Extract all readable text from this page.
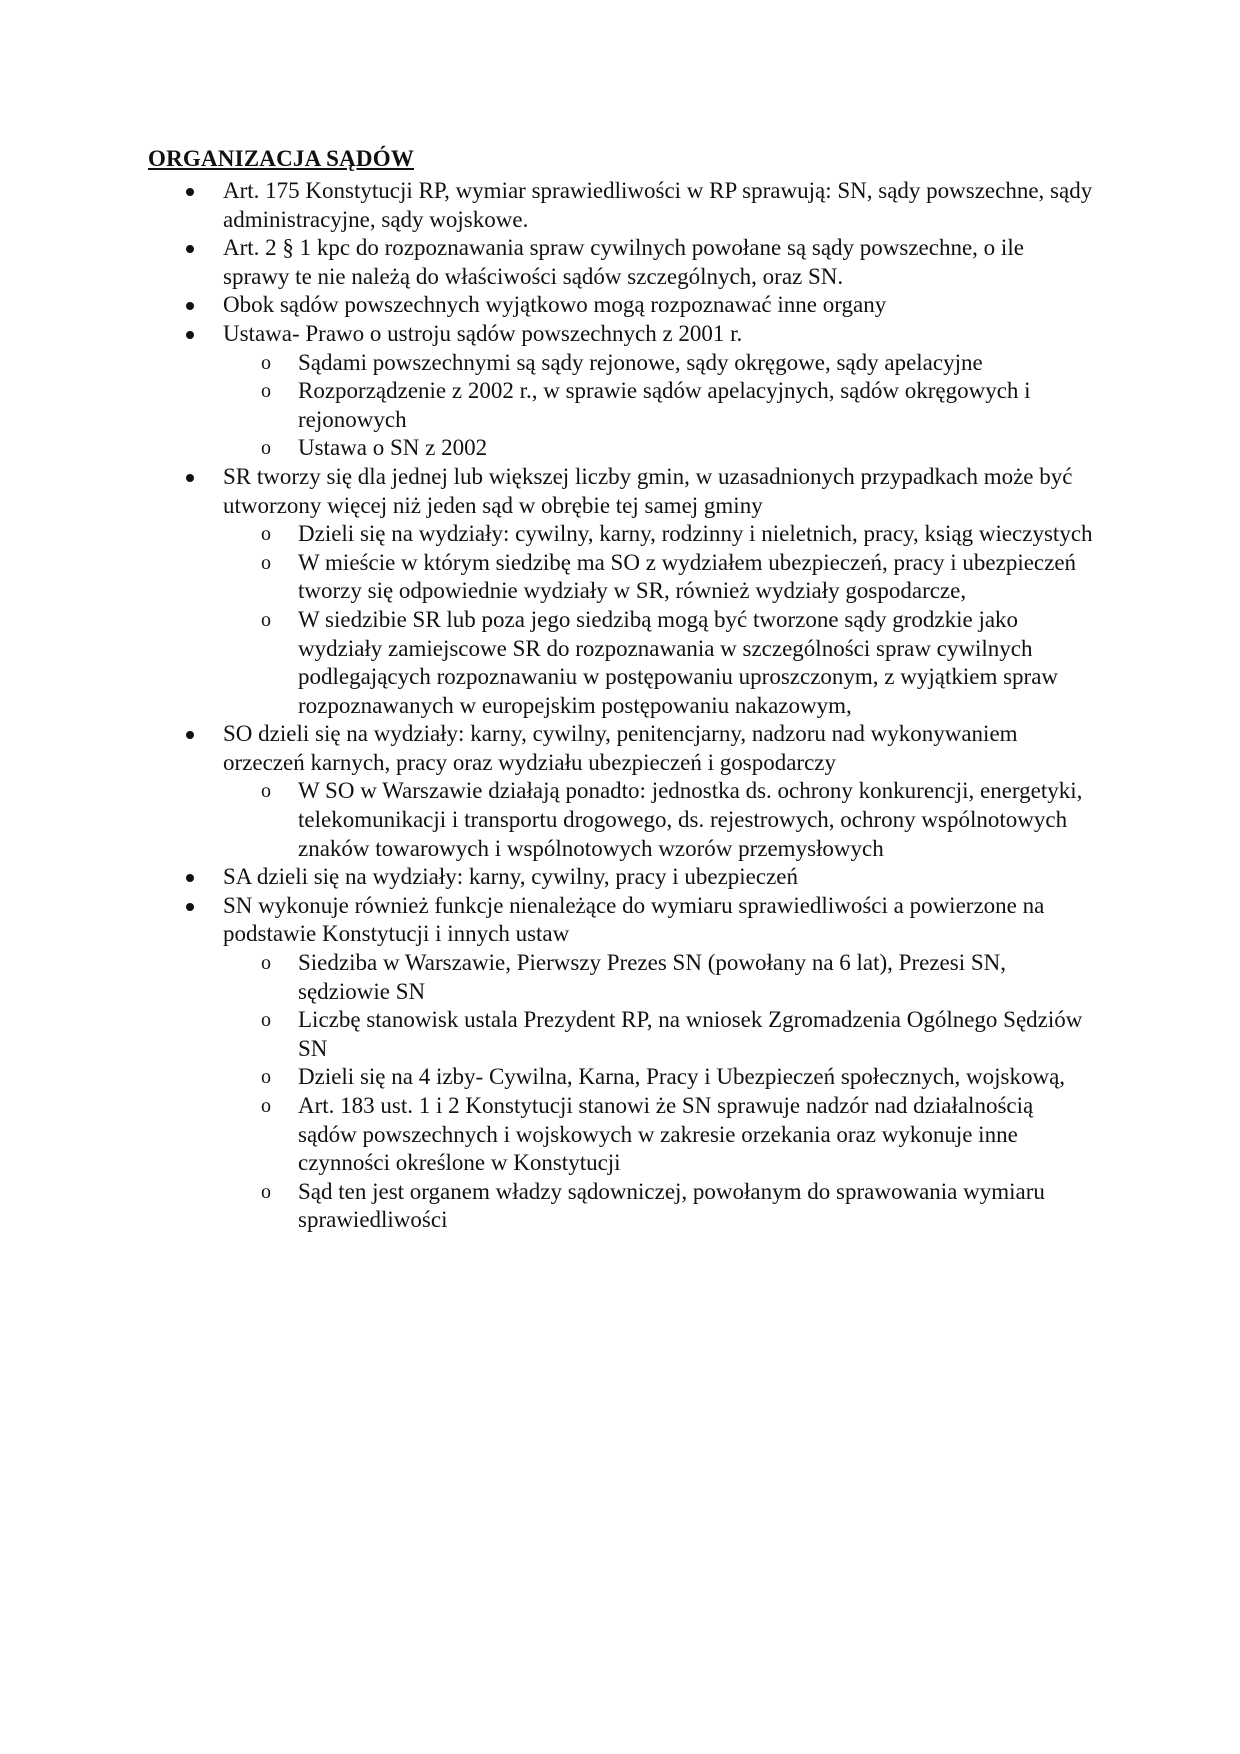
ORGANIZACJA SĄDÓW
Art. 175 Konstytucji RP, wymiar sprawiedliwości w RP sprawują: SN, sądy powszechne, sądy administracyjne, sądy wojskowe.
Art. 2 § 1 kpc do rozpoznawania spraw cywilnych powołane są sądy powszechne, o ile sprawy te nie należą do właściwości sądów szczególnych, oraz SN.
Obok sądów powszechnych wyjątkowo mogą rozpoznawać inne organy
Ustawa- Prawo o ustroju sądów powszechnych z 2001 r.
o Sądami powszechnymi są sądy rejonowe, sądy okręgowe, sądy apelacyjne
o Rozporządzenie z 2002 r., w sprawie sądów apelacyjnych, sądów okręgowych i rejonowych
o Ustawa o SN z 2002
SR tworzy się dla jednej lub większej liczby gmin, w uzasadnionych przypadkach może być utworzony więcej niż jeden sąd w obrębie tej samej gminy
o Dzieli się na wydziały: cywilny, karny, rodzinny i nieletnich, pracy, ksiąg wieczystych
o W mieście w którym siedzibę ma SO z wydziałem ubezpieczeń, pracy i ubezpieczeń tworzy się odpowiednie wydziały w SR, również wydziały gospodarcze,
o W siedzibie SR lub poza jego siedzibą mogą być tworzone sądy grodzkie jako wydziały zamiejscowe SR do rozpoznawania w szczególności spraw cywilnych podlegających rozpoznawaniu w postępowaniu uproszczonym, z wyjątkiem spraw rozpoznawanych w europejskim postępowaniu nakazowym,
SO dzieli się na wydziały: karny, cywilny, penitencjarny, nadzoru nad wykonywaniem orzeczeń karnych, pracy oraz wydziału ubezpieczeń i gospodarczy
o W SO w Warszawie działają ponadto: jednostka ds. ochrony konkurencji, energetyki, telekomunikacji i transportu drogowego, ds. rejestrowych, ochrony wspólnotowych znaków towarowych i wspólnotowych wzorów przemysłowych
SA dzieli się na wydziały: karny, cywilny, pracy i ubezpieczeń
SN wykonuje również funkcje nienależące do wymiaru sprawiedliwości a powierzone na podstawie Konstytucji i innych ustaw
o Siedziba w Warszawie, Pierwszy Prezes SN (powołany na 6 lat), Prezesi SN, sędziowie SN
o Liczbę stanowisk ustala Prezydent RP, na wniosek Zgromadzenia Ogólnego Sędziów SN
o Dzieli się na 4 izby- Cywilna, Karna, Pracy i Ubezpieczeń społecznych, wojskową,
o Art. 183 ust. 1 i 2 Konstytucji stanowi że SN sprawuje nadzór nad działalnością sądów powszechnych i wojskowych w zakresie orzekania oraz wykonuje inne czynności określone w Konstytucji
o Sąd ten jest organem władzy sądowniczej, powołanym do sprawowania wymiaru sprawiedliwości
